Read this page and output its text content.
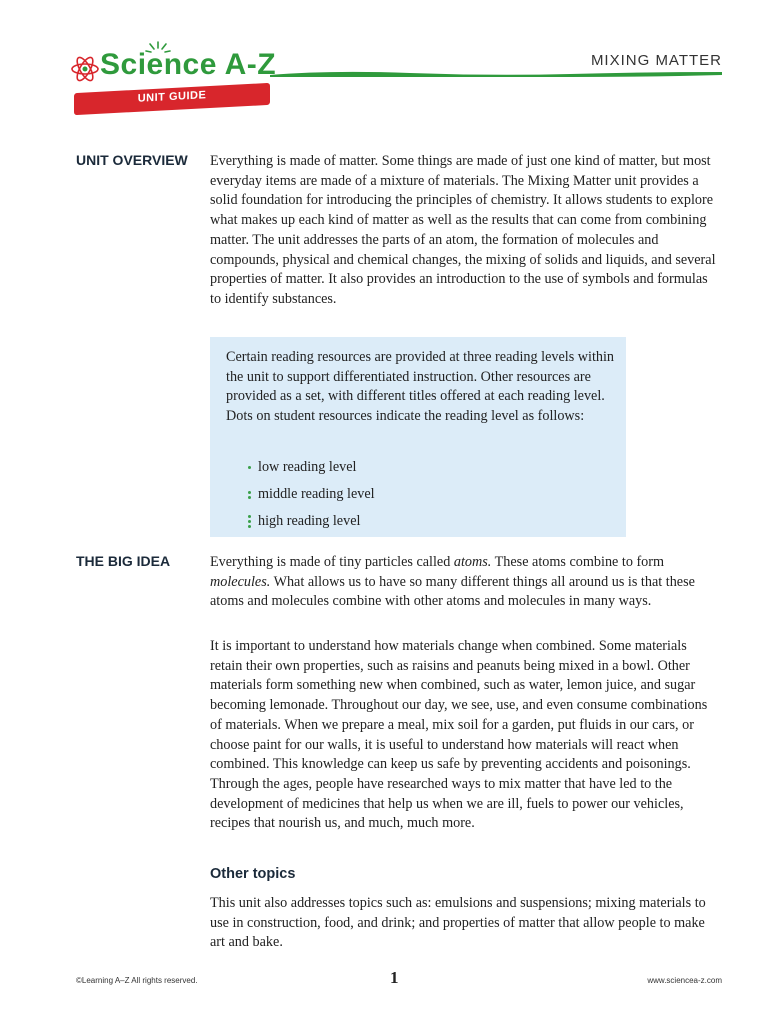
Science A-Z
UNIT GUIDE
MIXING MATTER
UNIT OVERVIEW Everything is made of matter. Some things are made of just one kind of matter, but most everyday items are made of a mixture of materials. The Mixing Matter unit provides a solid foundation for introducing the principles of chemistry. It allows students to explore what makes up each kind of matter as well as the results that can come from combining matter. The unit addresses the parts of an atom, the formation of molecules and compounds, physical and chemical changes, the mixing of solids and liquids, and several properties of matter. It also provides an introduction to the use of symbols and formulas to identify substances.

Certain reading resources are provided at three reading levels within the unit to support differentiated instruction. Other resources are provided as a set, with different titles offered at each reading level. Dots on student resources indicate the reading level as follows:

low reading level
middle reading level
high reading level
THE BIG IDEA	Everything is made of tiny particles called atoms. These atoms combine to form molecules. What allows us to have so many different things all around us is that these atoms and molecules combine with other atoms and molecules in many ways.

It is important to understand how materials change when combined. Some materials retain their own properties, such as raisins and peanuts being mixed in a bowl. Other materials form something new when combined, such as water, lemon juice, and sugar becoming lemonade. Throughout our day, we see, use, and even consume combinations of materials. When we prepare a meal, mix soil for a garden, put fluids in our cars, or choose paint for our walls, it is useful to understand how materials will react when combined. This knowledge can keep us safe by preventing accidents and poisonings. Through the ages, people have researched ways to mix matter that have led to the development of medicines that help us when we are ill, fuels to power our vehicles, recipes that nourish us, and much, much more.

Other topics

This unit also addresses topics such as: emulsions and suspensions; mixing materials to use in construction, food, and drink; and properties of matter that allow people to make art and bake.

©Learning A–Z All rights reserved.	1	www.sciencea-z.com
